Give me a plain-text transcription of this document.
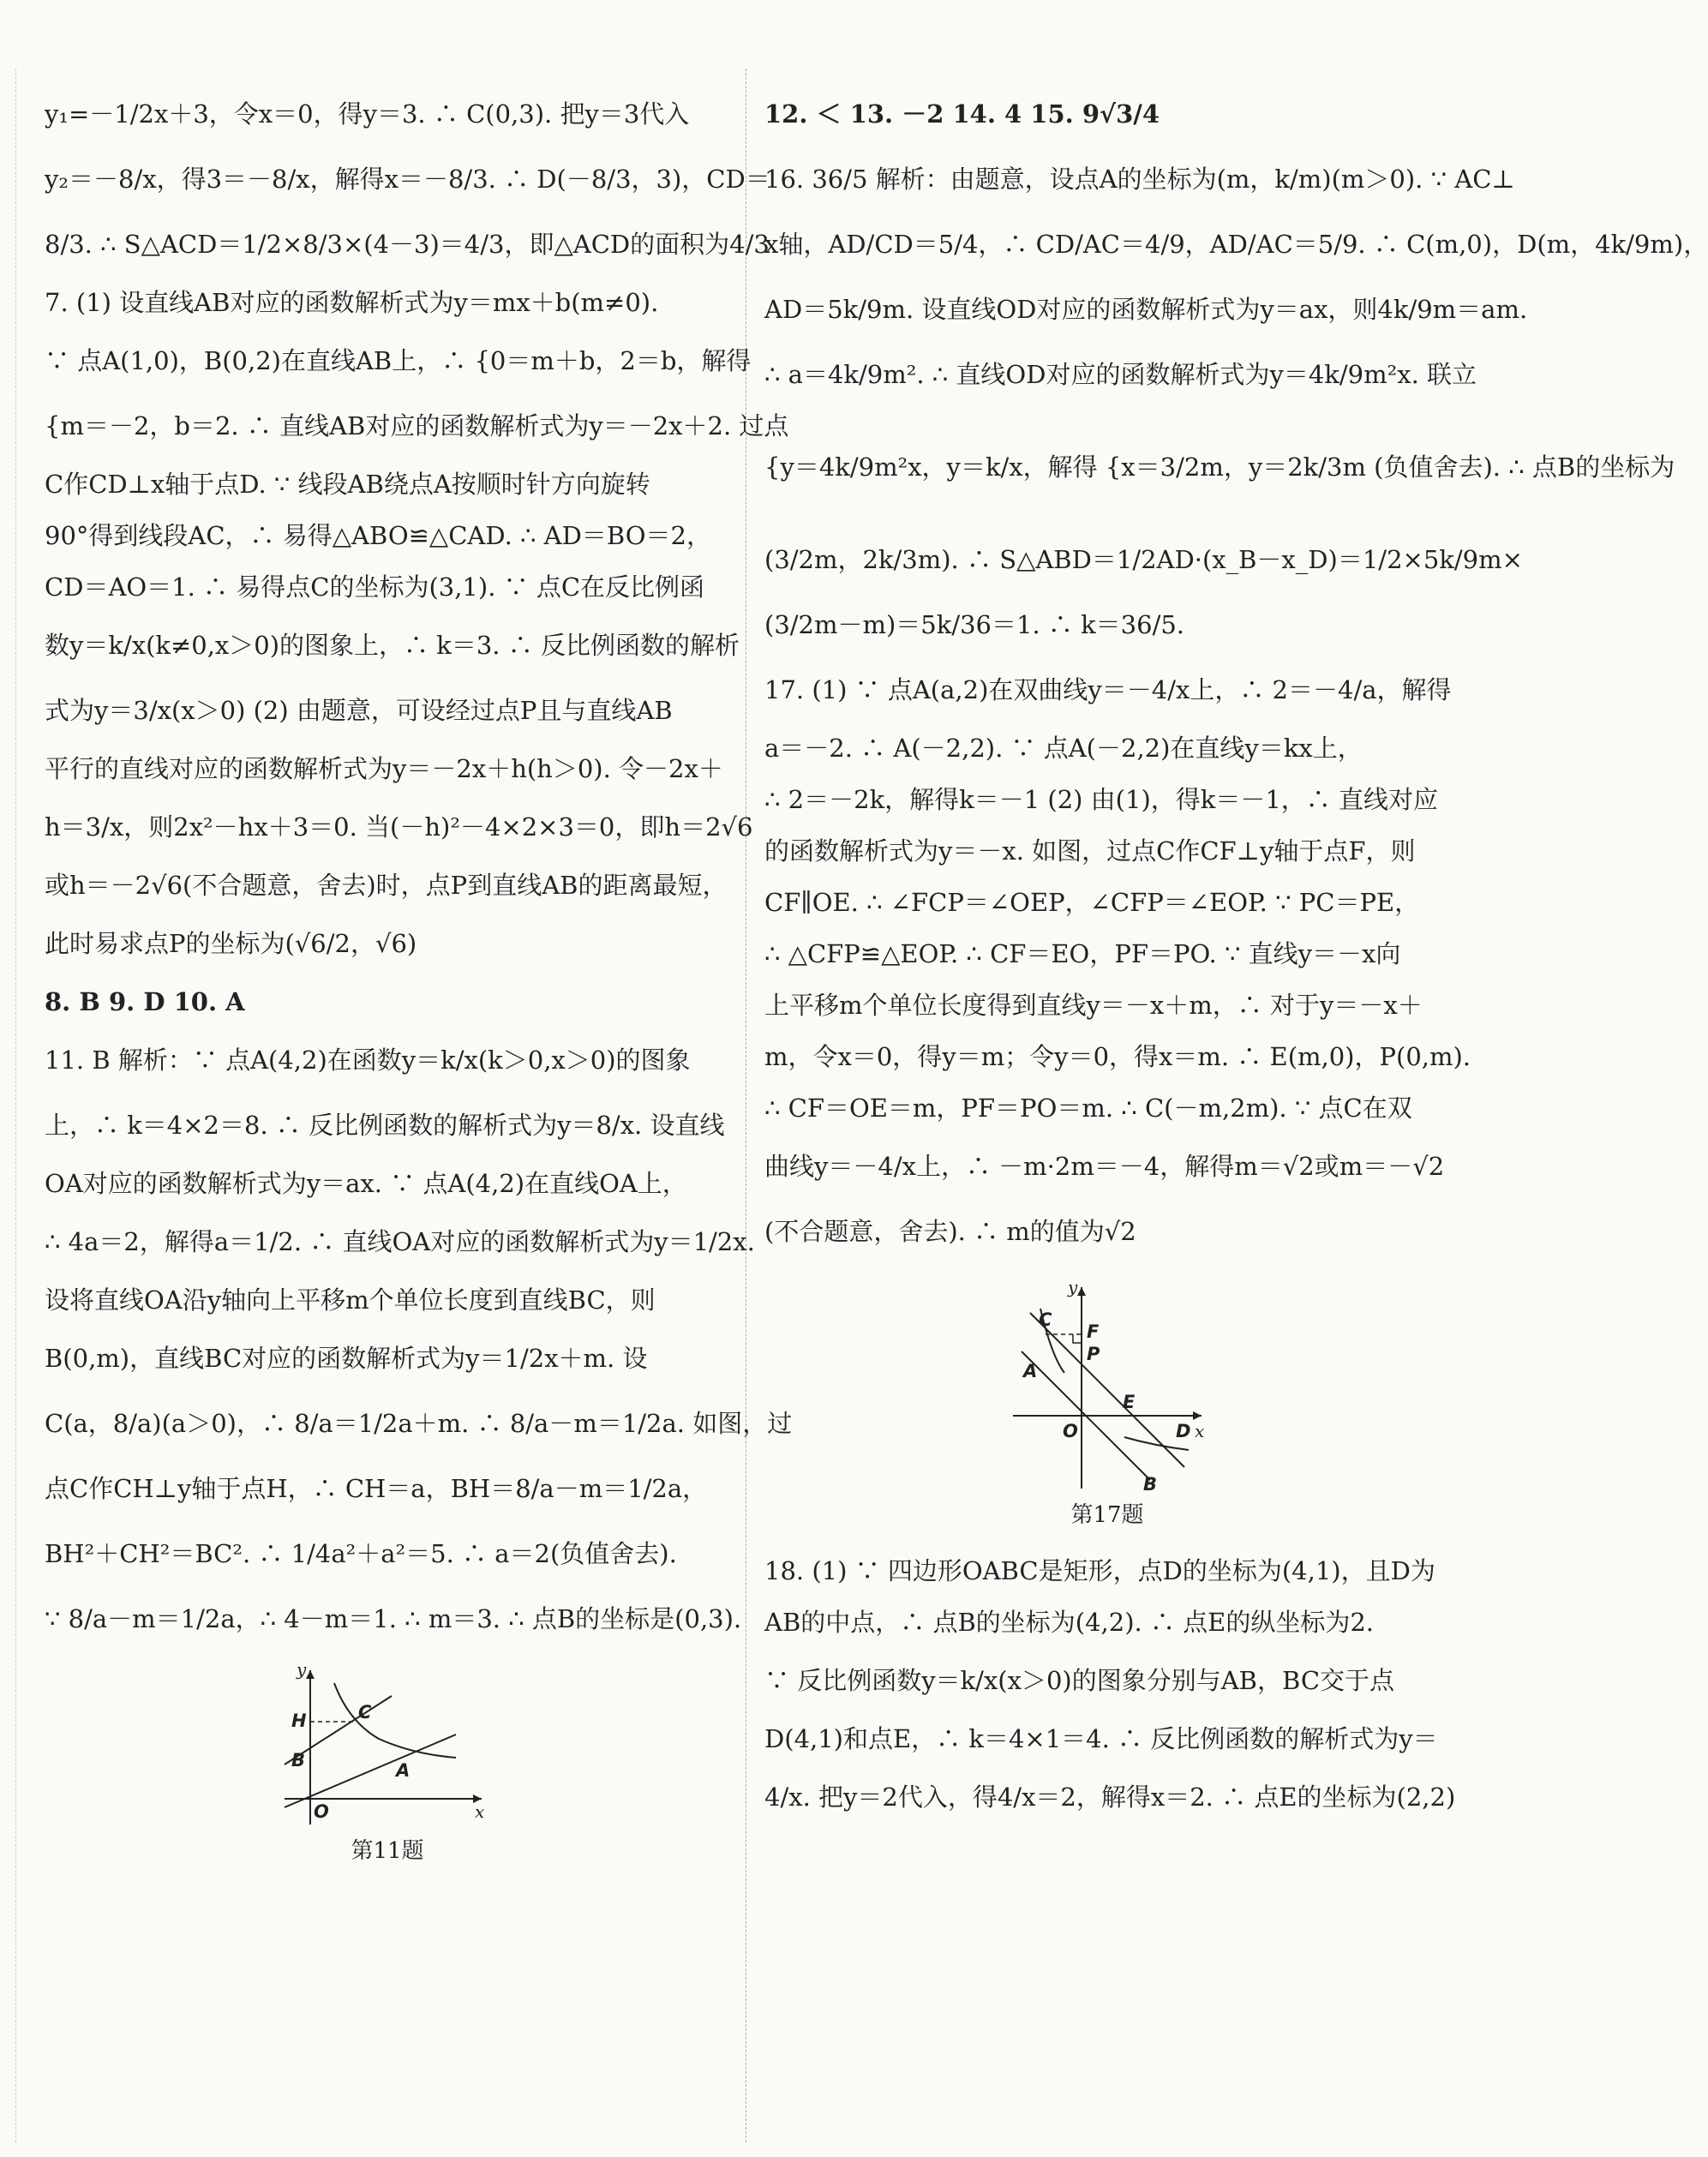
y₁=－1/2x＋3，令x＝0，得y＝3. ∴ C(0,3). 把y＝3代入

y₂＝－8/x，得3＝－8/x，解得x＝－8/3. ∴ D(－8/3，3)，CD＝

8/3. ∴ S△ACD＝1/2×8/3×(4－3)＝4/3，即△ACD的面积为4/3

7. (1) 设直线AB对应的函数解析式为y＝mx＋b(m≠0).

∵ 点A(1,0)，B(0,2)在直线AB上，∴ {0＝m＋b，2＝b，解得

{m＝－2，b＝2. ∴ 直线AB对应的函数解析式为y＝－2x＋2. 过点

C作CD⊥x轴于点D. ∵ 线段AB绕点A按顺时针方向旋转

90°得到线段AC，∴ 易得△ABO≌△CAD. ∴ AD＝BO＝2，

CD＝AO＝1. ∴ 易得点C的坐标为(3,1). ∵ 点C在反比例函

数y＝k/x(k≠0,x＞0)的图象上，∴ k＝3. ∴ 反比例函数的解析

式为y＝3/x(x＞0) (2) 由题意，可设经过点P且与直线AB

平行的直线对应的函数解析式为y＝－2x＋h(h＞0). 令－2x＋

h＝3/x，则2x²－hx＋3＝0. 当(－h)²－4×2×3＝0，即h＝2√6

或h＝－2√6(不合题意，舍去)时，点P到直线AB的距离最短，

此时易求点P的坐标为(√6/2，√6)

8. B 9. D 10. A

11. B 解析：∵ 点A(4,2)在函数y＝k/x(k＞0,x＞0)的图象

上，∴ k＝4×2＝8. ∴ 反比例函数的解析式为y＝8/x. 设直线

OA对应的函数解析式为y＝ax. ∵ 点A(4,2)在直线OA上，

∴ 4a＝2，解得a＝1/2. ∴ 直线OA对应的函数解析式为y＝1/2x.

设将直线OA沿y轴向上平移m个单位长度到直线BC，则

B(0,m)，直线BC对应的函数解析式为y＝1/2x＋m. 设

C(a，8/a)(a＞0)，∴ 8/a＝1/2a＋m. ∴ 8/a－m＝1/2a. 如图，过

点C作CH⊥y轴于点H，∴ CH＝a，BH＝8/a－m＝1/2a，

BH²＋CH²＝BC². ∴ 1/4a²＋a²＝5. ∴ a＝2(负值舍去).

∵ 8/a－m＝1/2a，∴ 4－m＝1. ∴ m＝3. ∴ 点B的坐标是(0,3).

y
x
O
H	C
B	A
第11题

12. ＜ 13. －2 14. 4 15. 9√3/4

16. 36/5 解析：由题意，设点A的坐标为(m，k/m)(m＞0). ∵ AC⊥

x轴，AD/CD＝5/4，∴ CD/AC＝4/9，AD/AC＝5/9. ∴ C(m,0)，D(m，4k/9m)，

AD＝5k/9m. 设直线OD对应的函数解析式为y＝ax，则4k/9m＝am.

∴ a＝4k/9m². ∴ 直线OD对应的函数解析式为y＝4k/9m²x. 联立

{y＝4k/9m²x，y＝k/x，解得 {x＝3/2m，y＝2k/3m (负值舍去). ∴ 点B的坐标为

(3/2m，2k/3m). ∴ S△ABD＝1/2AD·(x_B－x_D)＝1/2×5k/9m×

(3/2m－m)＝5k/36＝1. ∴ k＝36/5.

17. (1) ∵ 点A(a,2)在双曲线y＝－4/x上，∴ 2＝－4/a，解得

a＝－2. ∴ A(－2,2). ∵ 点A(－2,2)在直线y＝kx上，

∴ 2＝－2k，解得k＝－1 (2) 由(1)，得k＝－1，∴ 直线对应

的函数解析式为y＝－x. 如图，过点C作CF⊥y轴于点F，则

CF∥OE. ∴ ∠FCP＝∠OEP，∠CFP＝∠EOP. ∵ PC＝PE，

∴ △CFP≌△EOP. ∴ CF＝EO，PF＝PO. ∵ 直线y＝－x向

上平移m个单位长度得到直线y＝－x＋m，∴ 对于y＝－x＋

m，令x＝0，得y＝m；令y＝0，得x＝m. ∴ E(m,0)，P(0,m).

∴ CF＝OE＝m，PF＝PO＝m. ∴ C(－m,2m). ∵ 点C在双

曲线y＝－4/x上，∴ －m·2m＝－4，解得m＝√2或m＝－√2

(不合题意，舍去). ∴ m的值为√2

y
x
O
C
F
P
A
E
D
B
第17题

18. (1) ∵ 四边形OABC是矩形，点D的坐标为(4,1)，且D为

AB的中点，∴ 点B的坐标为(4,2). ∴ 点E的纵坐标为2.

∵ 反比例函数y＝k/x(x＞0)的图象分别与AB，BC交于点

D(4,1)和点E，∴ k＝4×1＝4. ∴ 反比例函数的解析式为y＝

4/x. 把y＝2代入，得4/x＝2，解得x＝2. ∴ 点E的坐标为(2,2)
